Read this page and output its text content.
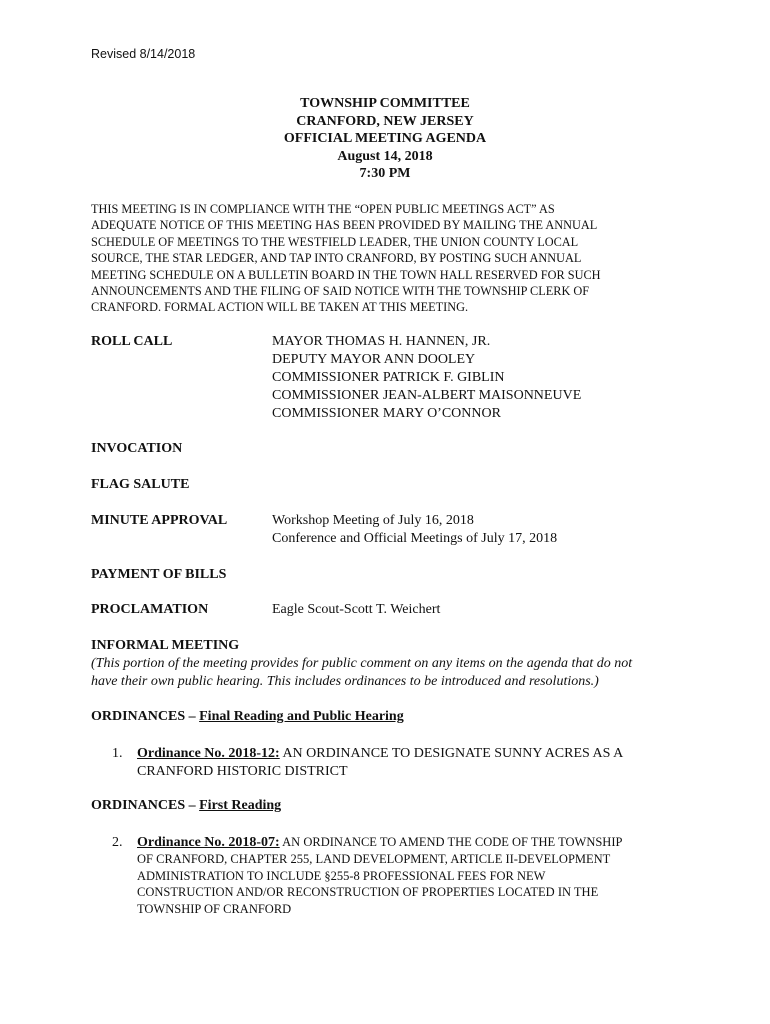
Revised 8/14/2018
TOWNSHIP COMMITTEE
CRANFORD, NEW JERSEY
OFFICIAL MEETING AGENDA
August 14, 2018
7:30 PM
THIS MEETING IS IN COMPLIANCE WITH THE “OPEN PUBLIC MEETINGS ACT” AS
ADEQUATE NOTICE OF THIS MEETING HAS BEEN PROVIDED BY MAILING THE ANNUAL
SCHEDULE OF MEETINGS TO THE WESTFIELD LEADER, THE UNION COUNTY LOCAL
SOURCE, THE STAR LEDGER, AND TAP INTO CRANFORD, BY POSTING SUCH ANNUAL
MEETING SCHEDULE ON A BULLETIN BOARD IN THE TOWN HALL RESERVED FOR SUCH
ANNOUNCEMENTS AND THE FILING OF SAID NOTICE WITH THE TOWNSHIP CLERK OF
CRANFORD. FORMAL ACTION WILL BE TAKEN AT THIS MEETING.
ROLL CALL	MAYOR THOMAS H. HANNEN, JR.
DEPUTY MAYOR ANN DOOLEY
COMMISSIONER PATRICK F. GIBLIN
COMMISSIONER JEAN-ALBERT MAISONNEUVE
COMMISSIONER MARY O’CONNOR
INVOCATION
FLAG SALUTE
MINUTE APPROVAL	Workshop Meeting of July 16, 2018
Conference and Official Meetings of July 17, 2018
PAYMENT OF BILLS
PROCLAMATION	Eagle Scout-Scott T. Weichert
INFORMAL MEETING
(This portion of the meeting provides for public comment on any items on the agenda that do not
have their own public hearing. This includes ordinances to be introduced and resolutions.)
ORDINANCES – Final Reading and Public Hearing
1. Ordinance No. 2018-12: AN ORDINANCE TO DESIGNATE SUNNY ACRES AS A
CRANFORD HISTORIC DISTRICT
ORDINANCES – First Reading
2. Ordinance No. 2018-07: AN ORDINANCE TO AMEND THE CODE OF THE TOWNSHIP
OF CRANFORD, CHAPTER 255, LAND DEVELOPMENT, ARTICLE II-DEVELOPMENT
ADMINISTRATION TO INCLUDE §255-8 PROFESSIONAL FEES FOR NEW
CONSTRUCTION AND/OR RECONSTRUCTION OF PROPERTIES LOCATED IN THE
TOWNSHIP OF CRANFORD
